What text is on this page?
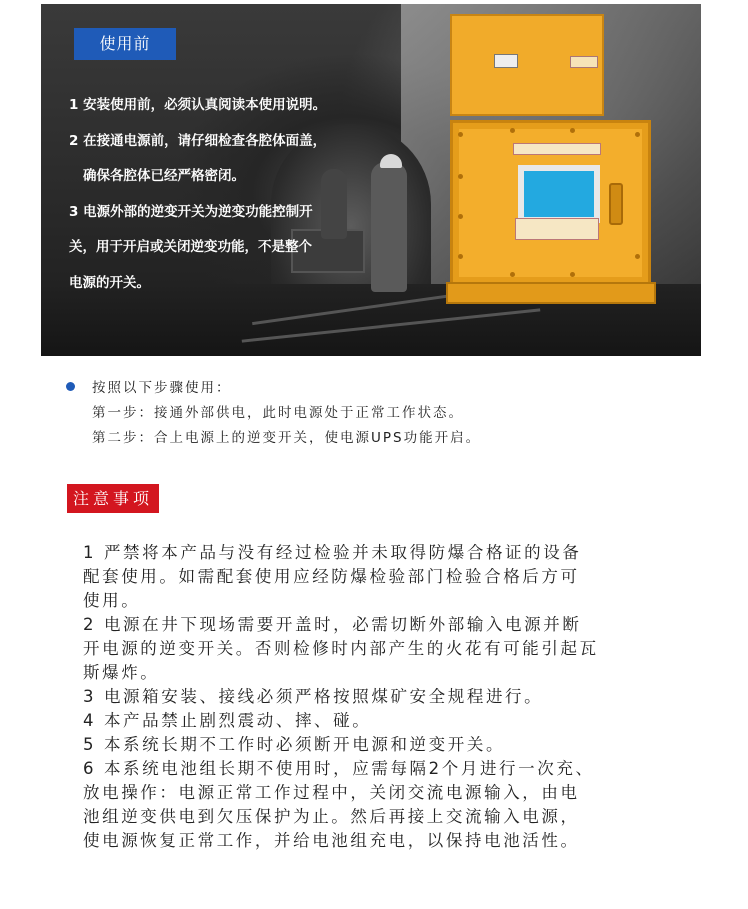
使用前

1 安装使用前，必须认真阅读本使用说明。

2 在接通电源前，请仔细检查各腔体面盖，

确保各腔体已经严格密闭。

3 电源外部的逆变开关为逆变功能控制开

关，用于开启或关闭逆变功能，不是整个

电源的开关。

按照以下步骤使用：
第一步：接通外部供电，此时电源处于正常工作状态。
第二步：合上电源上的逆变开关，使电源UPS功能开启。
注意事项
1 严禁将本产品与没有经过检验并未取得防爆合格证的设备
配套使用。如需配套使用应经防爆检验部门检验合格后方可
使用。
2 电源在井下现场需要开盖时，必需切断外部输入电源并断
开电源的逆变开关。否则检修时内部产生的火花有可能引起瓦
斯爆炸。
3 电源箱安装、接线必须严格按照煤矿安全规程进行。
4 本产品禁止剧烈震动、摔、碰。
5 本系统长期不工作时必须断开电源和逆变开关。
6 本系统电池组长期不使用时，应需每隔2个月进行一次充、
放电操作：电源正常工作过程中，关闭交流电源输入，由电
池组逆变供电到欠压保护为止。然后再接上交流输入电源，
使电源恢复正常工作，并给电池组充电，以保持电池活性。
